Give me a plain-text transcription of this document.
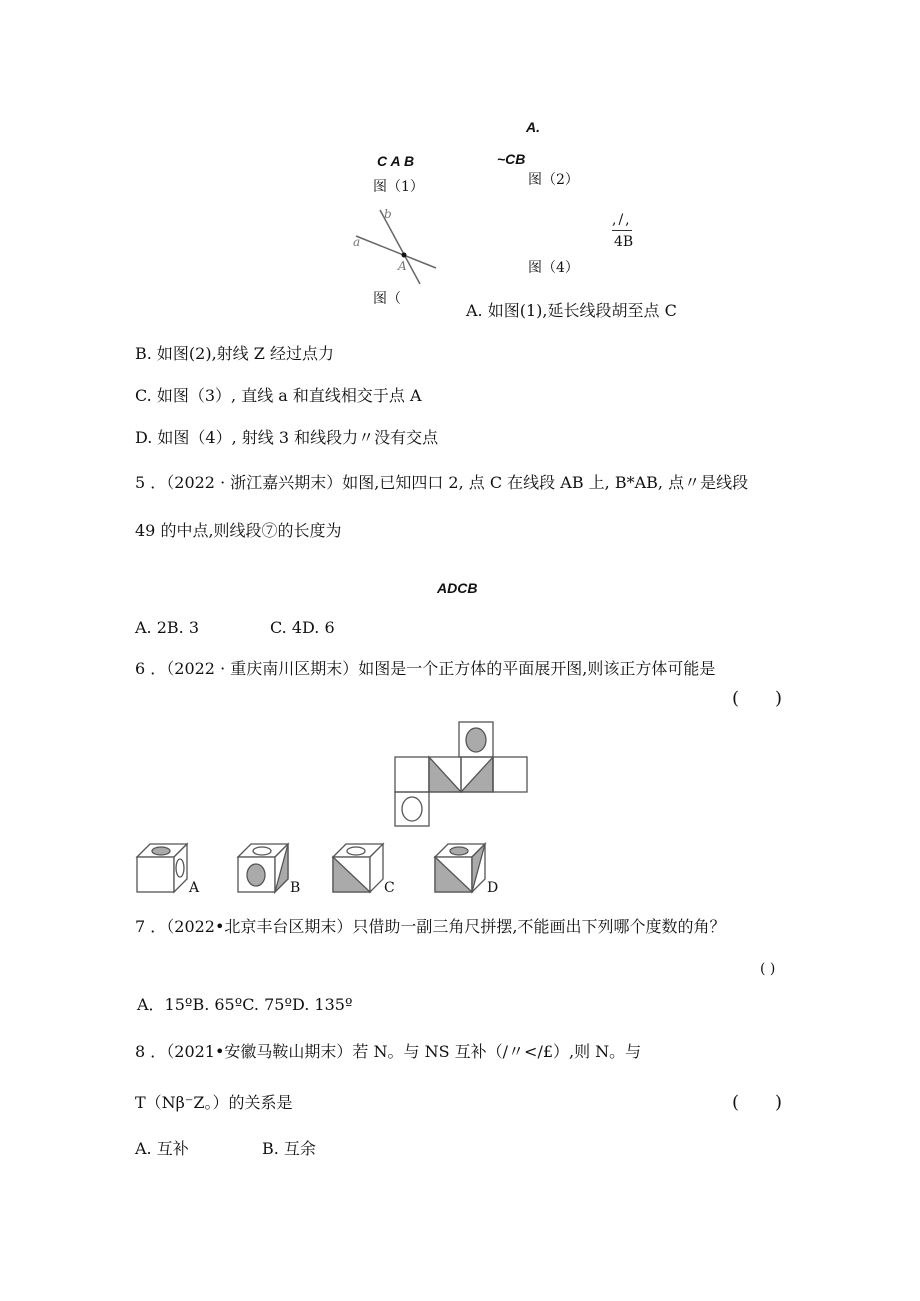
A.
C A B	~CB
图（1）	图（2）
b
a
A
图（
,/,
4B
图（4）
A. 如图(1),延长线段胡至点 C
B. 如图(2),射线 Z 经过点力
C. 如图（3）, 直线 a 和直线相交于点 A
D. 如图（4）, 射线 3 和线段力〃没有交点
5 ．（2022 · 浙江嘉兴期末）如图,已知四口 2, 点 C 在线段 AB 上, B*AB, 点〃是线段
49 的中点,则线段⑦的长度为
ADCB
A. 2B. 3	C. 4D. 6
6 ．（2022 · 重庆南川区期末）如图是一个正方体的平面展开图,则该正方体可能是
(　　)
A	B	C	D
7 ．（2022•北京丰台区期末）只借助一副三角尺拼摆,不能画出下列哪个度数的角？
( )
A．15ºB. 65ºC. 75ºD. 135º
8 ．（2021•安徽马鞍山期末）若 N。与 NS 互补（/〃</£）,则 N。与
T（Nβ⁻Z。）的关系是	(　　)
A. 互补	B. 互余
